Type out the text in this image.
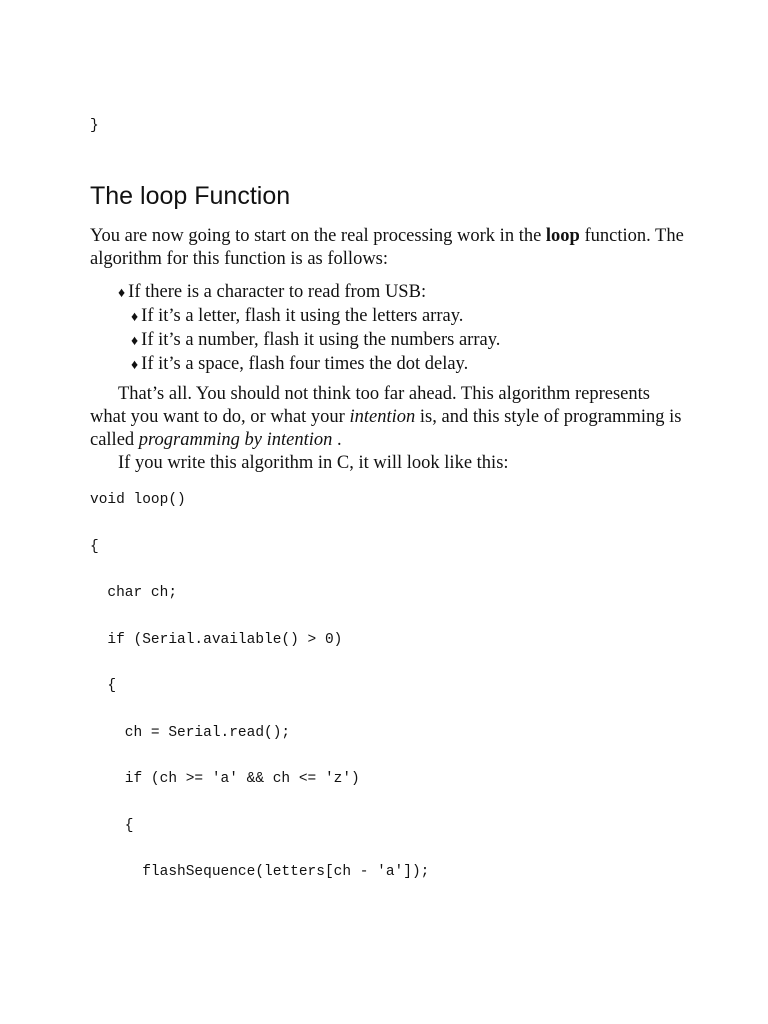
}
The loop Function

You are now going to start on the real processing work in the loop function. The algorithm for this function is as follows:

♦ If there is a character to read from USB:
♦ If it’s a letter, flash it using the letters array.
♦ If it’s a number, flash it using the numbers array.
♦ If it’s a space, flash four times the dot delay.

That’s all. You should not think too far ahead. This algorithm represents what you want to do, or what your intention is, and this style of programming is called programming by intention .

If you write this algorithm in C, it will look like this:

void loop()
{
char ch;
if (Serial.available() > 0)
{
ch = Serial.read();
if (ch >= 'a' && ch <= 'z')
{
flashSequence(letters[ch - 'a']);
